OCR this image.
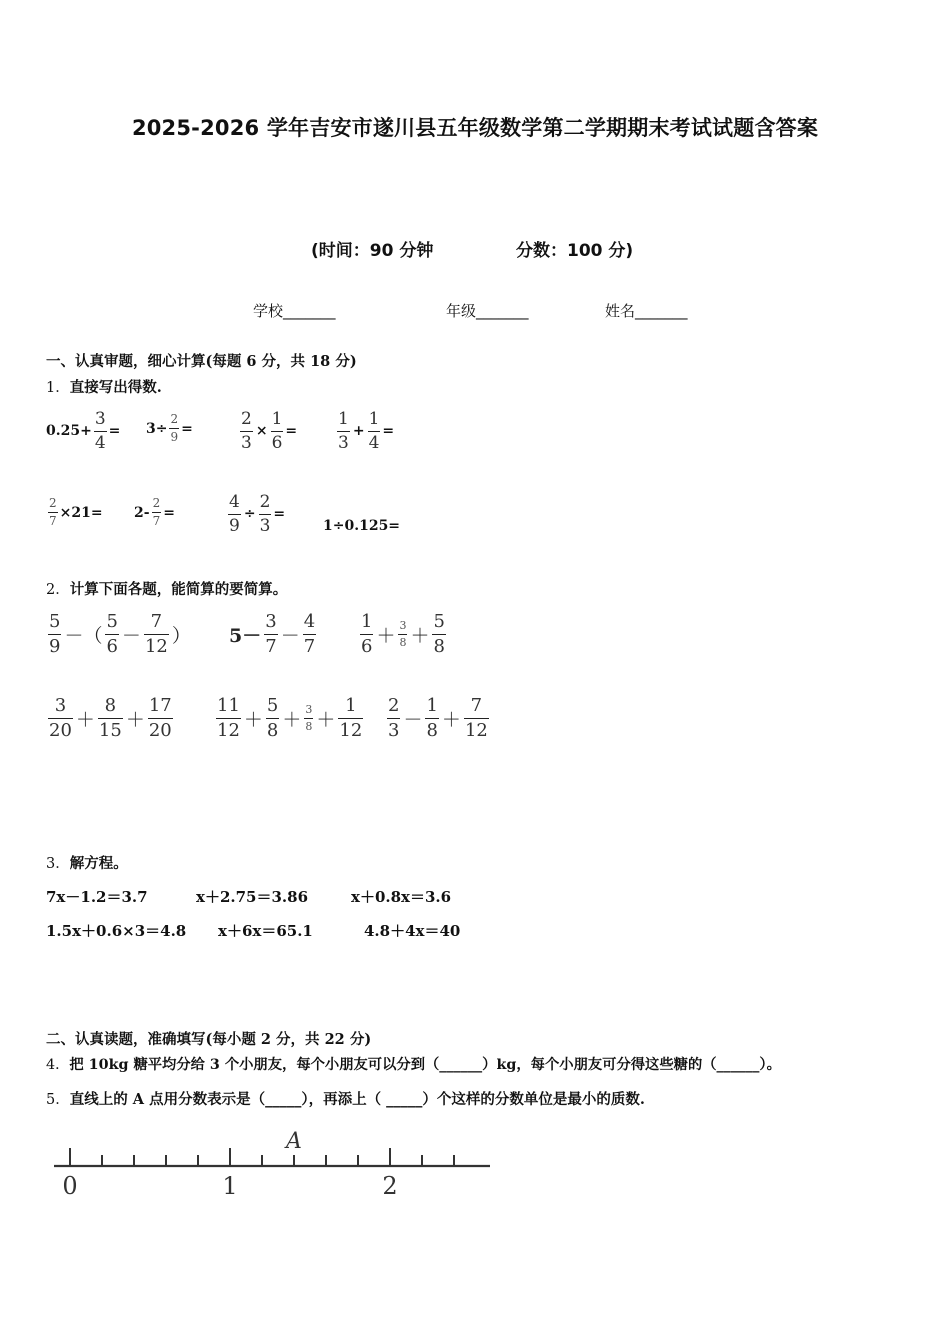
2025-2026 学年吉安市遂川县五年级数学第二学期期末考试试题含答案
(时间：90 分钟	分数：100 分)
学校_______	年级_______	姓名_______
一、认真审题，细心计算(每题 6 分，共 18 分)
1．直接写出得数.
$0.25+ \frac{3}{4} = 3\div \frac{2}{9}$ =	$\frac{2}{3} \times \frac{1}{6} = \frac{1}{3} + \frac{1}{4}$ =
$\frac{2}{7} \times 21= 2- \frac{2}{7}$ =	$\frac{4}{9} \div \frac{2}{3}$ =
1÷0.125=
2．计算下面各题，能简算的要简算。
$\frac{5}{9}$ －（ $\frac{5}{6} - \frac{7}{12}$ ） $5- \frac{3}{7} - \frac{4}{7} \frac{1}{6} + \frac{3}{8} + \frac{5}{8}$
$\frac{3}{20} + \frac{8}{15} + \frac{17}{20} \frac{11}{12} + \frac{5}{8} + \frac{3}{8} + \frac{1}{12} \frac{2}{3} - \frac{1}{8} + \frac{7}{12}$
3．解方程。
7x－1.2＝3.7	x＋2.75＝3.86	x＋0.8x＝3.6
1.5x＋0.6×3＝4.8 x＋6x＝65.1	4.8＋4x＝40
二、认真读题，准确填写(每小题 2 分，共 22 分)
4．把 10kg 糖平均分给 3 个小朋友，每个小朋友可以分到（______）kg，每个小朋友可分得这些糖的（______）。
5．直线上的 A 点用分数表示是（_____），再添上（ _____）个这样的分数单位是最小的质数.
0	1	2
A
